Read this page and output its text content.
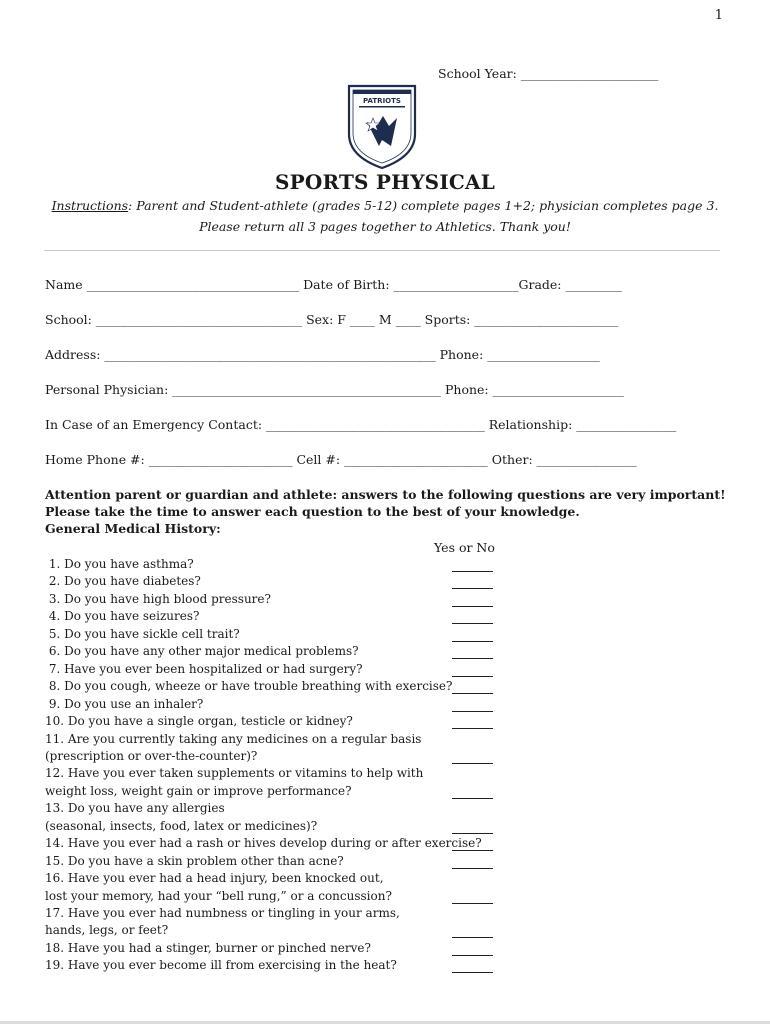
1
School Year: ______________________
PATRIOTS
SPORTS PHYSICAL
Instructions: Parent and Student-athlete (grades 5-12) complete pages 1+2; physician completes page 3.
Please return all 3 pages together to Athletics. Thank you!
Name __________________________________ Date of Birth: ____________________Grade: _________
School: _________________________________ Sex: F ____ M ____ Sports: _______________________
Address: _____________________________________________________ Phone: __________________
Personal Physician: ___________________________________________ Phone: _____________________
In Case of an Emergency Contact: ___________________________________ Relationship: ________________
Home Phone #: _______________________ Cell #: _______________________ Other: ________________
Attention parent or guardian and athlete: answers to the following questions are very important!
Please take the time to answer each question to the best of your knowledge.
General Medical History:
Yes or No
1. Do you have asthma?
2. Do you have diabetes?
3. Do you have high blood pressure?
4. Do you have seizures?
5. Do you have sickle cell trait?
6. Do you have any other major medical problems?
7. Have you ever been hospitalized or had surgery?
8. Do you cough, wheeze or have trouble breathing with exercise?
9. Do you use an inhaler?
10. Do you have a single organ, testicle or kidney?
11. Are you currently taking any medicines on a regular basis
(prescription or over-the-counter)?
12. Have you ever taken supplements or vitamins to help with
weight loss, weight gain or improve performance?
13. Do you have any allergies
(seasonal, insects, food, latex or medicines)?
14. Have you ever had a rash or hives develop during or after exercise?
15. Do you have a skin problem other than acne?
16. Have you ever had a head injury, been knocked out,
lost your memory, had your “bell rung,” or a concussion?
17. Have you ever had numbness or tingling in your arms,
hands, legs, or feet?
18. Have you had a stinger, burner or pinched nerve?
19. Have you ever become ill from exercising in the heat?
